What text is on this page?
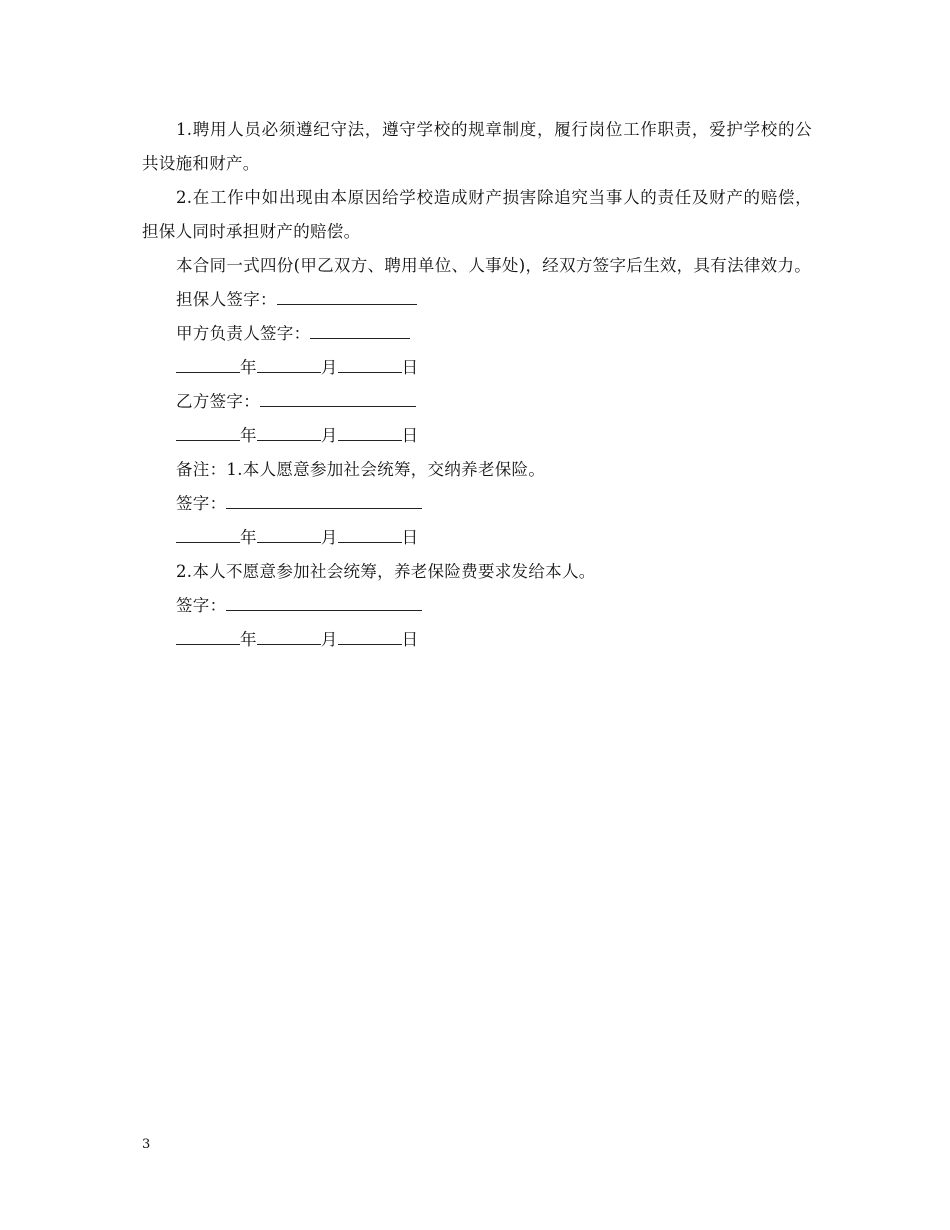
1.聘用人员必须遵纪守法，遵守学校的规章制度，履行岗位工作职责，爱护学校的公共设施和财产。

2.在工作中如出现由本原因给学校造成财产损害除追究当事人的责任及财产的赔偿，担保人同时承担财产的赔偿。

本合同一式四份(甲乙双方、聘用单位、人事处)，经双方签字后生效，具有法律效力。

担保人签字：

甲方负责人签字：

年	月	日

乙方签字：

年	月	日

备注：1.本人愿意参加社会统筹，交纳养老保险。

签字：

年	月	日

2.本人不愿意参加社会统筹，养老保险费要求发给本人。

签字：

年	月	日

3
